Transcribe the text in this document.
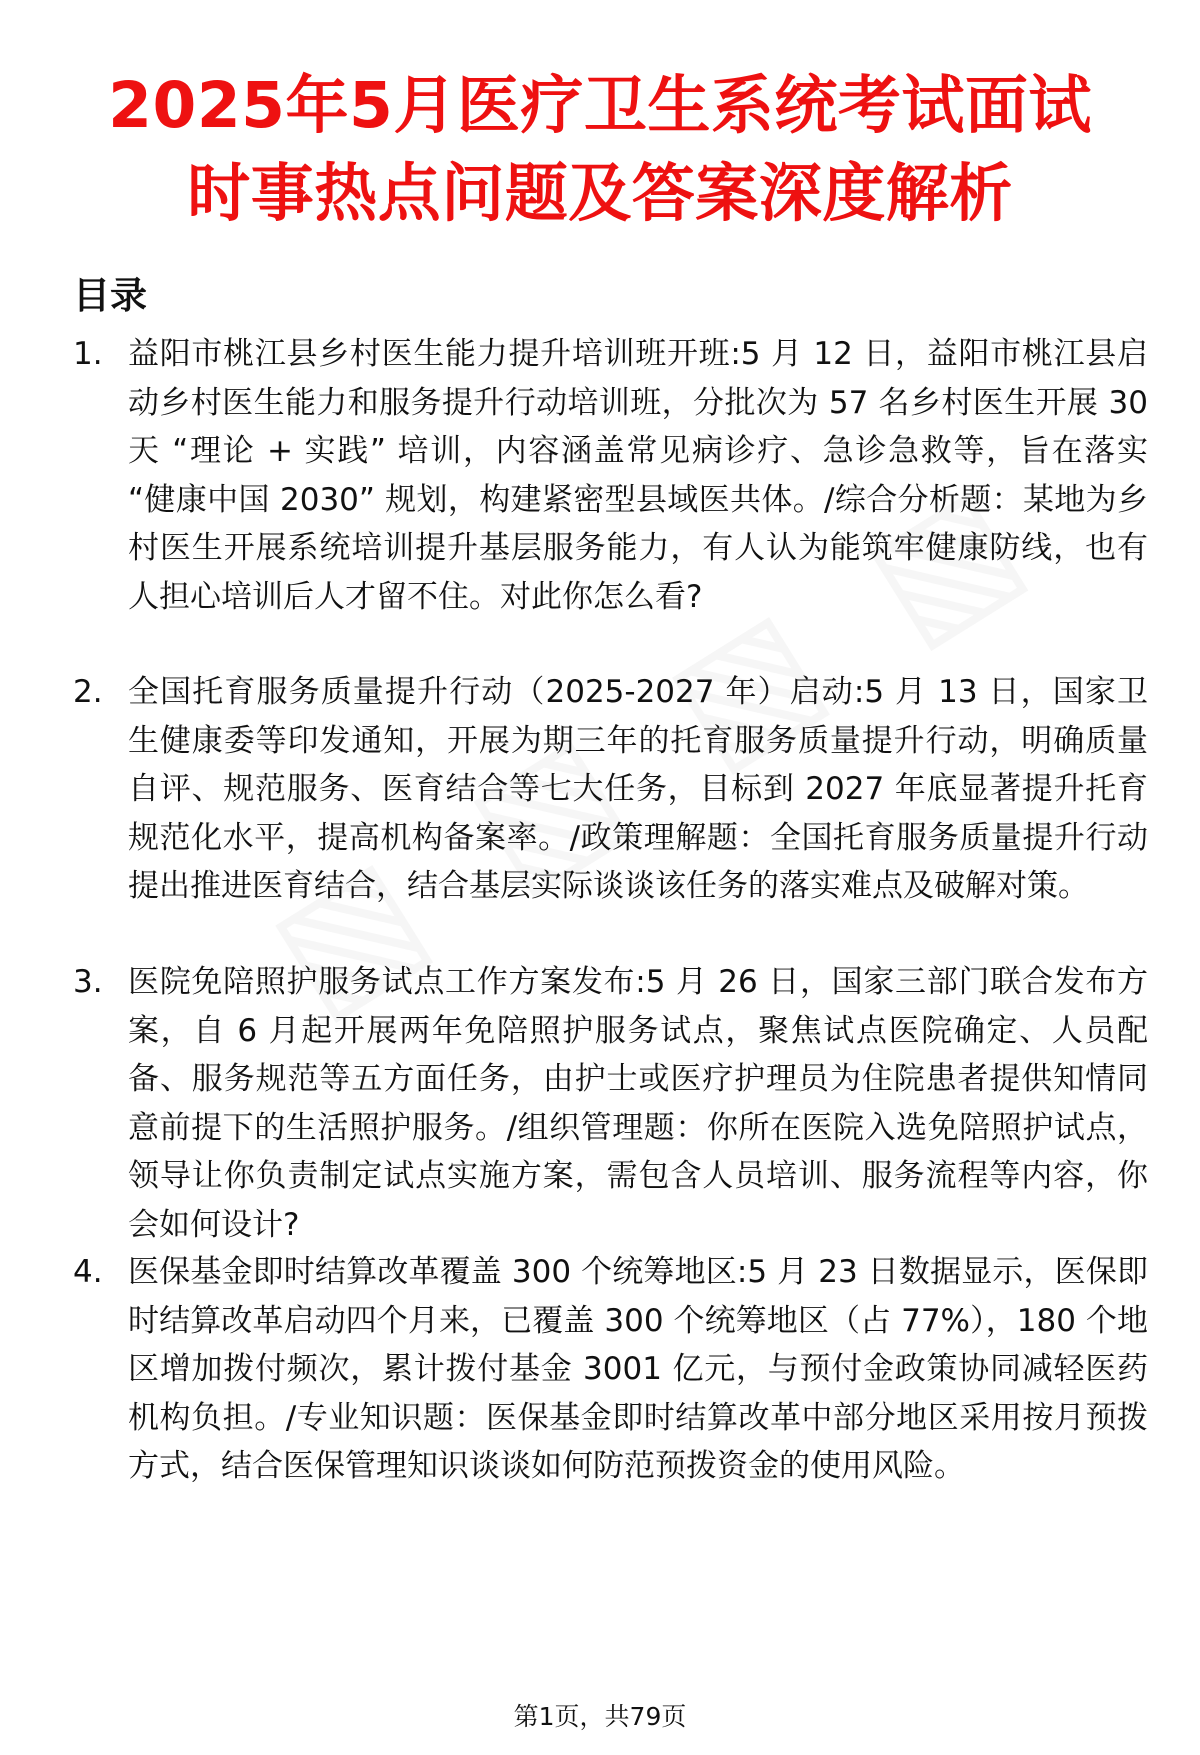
2025年5月医疗卫生系统考试面试
时事热点问题及答案深度解析
目录
1. 益阳市桃江县乡村医生能力提升培训班开班:5 月 12 日，益阳市桃江县启动乡村医生能力和服务提升行动培训班，分批次为 57 名乡村医生开展 30 天 “理论 + 实践” 培训，内容涵盖常见病诊疗、急诊急救等，旨在落实 “健康中国 2030” 规划，构建紧密型县域医共体。/综合分析题：某地为乡村医生开展系统培训提升基层服务能力，有人认为能筑牢健康防线，也有人担心培训后人才留不住。对此你怎么看?
2. 全国托育服务质量提升行动（2025-2027 年）启动:5 月 13 日，国家卫生健康委等印发通知，开展为期三年的托育服务质量提升行动，明确质量自评、规范服务、医育结合等七大任务，目标到 2027 年底显著提升托育规范化水平，提高机构备案率。/政策理解题：全国托育服务质量提升行动提出推进医育结合，结合基层实际谈谈该任务的落实难点及破解对策。
3. 医院免陪照护服务试点工作方案发布:5 月 26 日，国家三部门联合发布方案，自 6 月起开展两年免陪照护服务试点，聚焦试点医院确定、人员配备、服务规范等五方面任务，由护士或医疗护理员为住院患者提供知情同意前提下的生活照护服务。/组织管理题：你所在医院入选免陪照护试点，领导让你负责制定试点实施方案，需包含人员培训、服务流程等内容，你会如何设计?
4. 医保基金即时结算改革覆盖 300 个统筹地区:5 月 23 日数据显示，医保即时结算改革启动四个月来，已覆盖 300 个统筹地区（占 77%），180 个地区增加拨付频次，累计拨付基金 3001 亿元，与预付金政策协同减轻医药机构负担。/专业知识题：医保基金即时结算改革中部分地区采用按月预拨方式，结合医保管理知识谈谈如何防范预拨资金的使用风险。
第1页，共79页
